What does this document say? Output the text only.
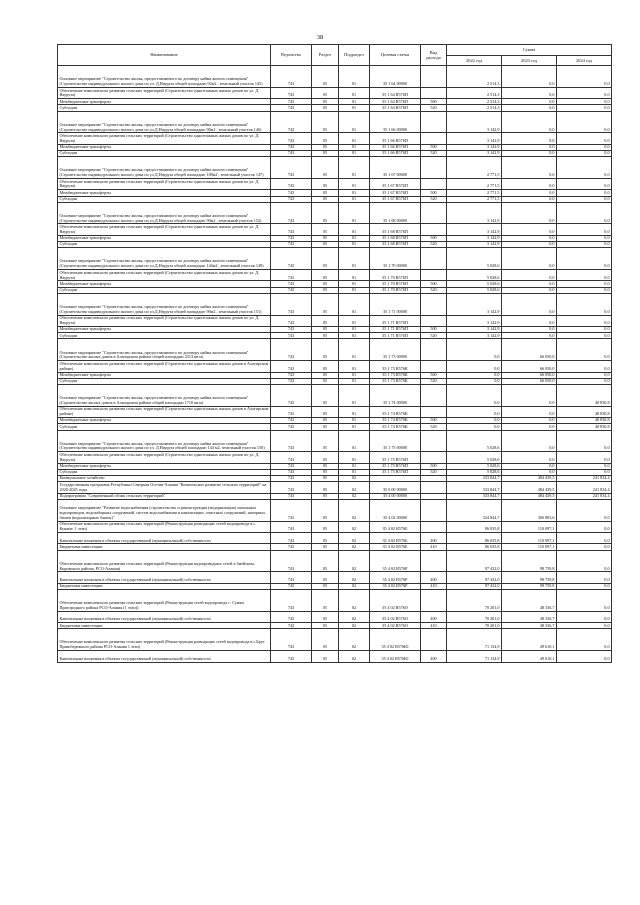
38
Наименование	Ведомство	Раздел	Подраздел	Целевая статья	Вид расхода	Сумма		
						2022 год	2023 год	2024 год
Основное мероприятие "Строительство жилья, предоставляемого по договору найма жилого помещения" (Строительство индивидуального жилого дома по ул. Д.Науруза общей площадью 92м2 , земельный участок 145)	743	05	01	35 1 64 00000		2 514,3	0,0	0,0
Обеспечение комплексного развития сельских территорий (Строительство одноэтажных жилых домов по ул. Д. Науруза)	743	05	01	35 1 64 R576П		2 514,3	0,0	0,0
Межбюджетные трансферты	743	05	01	35 1 64 R576П	500	2 514,3	0,0	0,0
Субсидии	743	05	01	35 1 64 R576П	520	2 514,3	0,0	0,0
Основное мероприятие "Строительство жилья, предоставляемого по договору найма жилого помещения" (Строительство индивидуального жилого дома по ул.Д.Науруза общей площадью 90м2 , земельный участок 146)	743	05	01	35 1 66 00000		3 142,9	0,0	0,0
Обеспечение комплексного развития сельских территорий (Строительство одноэтажных жилых домов по ул. Д. Науруза)	743	05	01	35 1 66 R576П		3 142,9	0,0	0,0
Межбюджетные трансферты	743	05	01	35 1 66 R576П	500	3 142,9	0,0	0,0
Субсидии	743	05	01	35 1 66 R576П	520	3 142,9	0,0	0,0
Основное мероприятие "Строительство жилья, предоставляемого по договору найма жилого помещения" (Строительство индивидуального жилого дома по ул.Д.Науруза общей площадью 108м2 , земельный участок 147)	743	05	01	35 1 67 00000		2 771,5	0,0	0,0
Обеспечение комплексного развития сельских территорий (Строительство одноэтажных жилых домов по ул. Д. Науруза)	743	05	01	35 1 67 R576П		2 771,5	0,0	0,0
Межбюджетные трансферты	743	05	01	35 1 67 R576П	500	2 771,5	0,0	0,0
Субсидии	743	05	01	35 1 67 R576П	520	2 771,5	0,0	0,0
Основное мероприятие "Строительство жилья, предоставляемого по договору найма жилого помещения" (Строительство индивидуального жилого дома по ул.Д.Науруза общей площадью 90м2 , земельный участок 152)	743	05	01	35 1 68 00000		3 142,9	0,0	0,0
Обеспечение комплексного развития сельских территорий (Строительство одноэтажных жилых домов по ул. Д. Науруза)	743	05	01	35 1 68 R576П		3 142,9	0,0	0,0
Межбюджетные трансферты	743	05	01	35 1 68 R576П	500	3 142,9	0,0	0,0
Субсидии	743	05	01	35 1 68 R576П	520	3 142,9	0,0	0,0
Основное мероприятие "Строительство жилья, предоставляемого по договору найма жилого помещения" (Строительство индивидуального жилого дома по ул.Д.Науруза общей площадью 144м2 , земельный участок 149)	743	05	01	35 1 70 00000		5 028,6	0,0	0,0
Обеспечение комплексного развития сельских территорий (Строительство одноэтажных жилых домов по ул. Д. Науруза)	743	05	01	35 1 70 R576П		5 028,6	0,0	0,0
Межбюджетные трансферты	743	05	01	35 1 70 R576П	500	5 028,6	0,0	0,0
Субсидии	743	05	01	35 1 70 R576П	520	5 028,6	0,0	0,0
Основное мероприятие "Строительство жилья, предоставляемого по договору найма жилого помещения" (Строительство индивидуального жилого дома по ул.Д.Науруза общей площадью 90м2 , земельный участок 151)	743	05	01	35 1 71 00000		3 142,9	0,0	0,0
Обеспечение комплексного развития сельских территорий (Строительство одноэтажных жилых домов по ул. Д. Науруза)	743	05	01	35 1 71 R576П		3 142,9	0,0	0,0
Межбюджетные трансферты	743	05	01	35 1 71 R576П	500	3 142,9	0,0	0,0
Субсидии	743	05	01	35 1 71 R576П	520	3 142,9	0,0	0,0
Основное мероприятие "Строительство жилья, предоставляемого по договору найма жилого помещения" (Строительство жилых домов в Алагирском районе общей площадью 2313 кв.м)	743	05	01	35 1 73 00000		0,0	66 050,0	0,0
Обеспечение комплексного развития сельских территорий (Строительство одноэтажных жилых домов в Алагирском районе)	743	05	01	35 1 73 R576К		0,0	66 050,0	0,0
Межбюджетные трансферты	743	05	01	35 1 73 R576К	500	0,0	66 050,0	0,0
Субсидии	743	05	01	35 1 73 R576К	520	0,0	66 050,0	0,0
Основное мероприятие "Строительство жилья, предоставляемого по договору найма жилого помещения" (Строительство жилых домов в Алагирском районе общей площадью 1710 кв.м)	743	05	01	35 1 74 00000		0,0	0,0	48 830,8
Обеспечение комплексного развития сельских территорий (Строительство одноэтажных жилых домов в Алагирском районе)	743	05	01	35 1 74 R576К		0,0	0,0	48 830,8
Межбюджетные трансферты	743	05	01	35 1 74 R576К	500	0,0	0,0	48 830,8
Субсидии	743	05	01	35 1 74 R576К	520	0,0	0,0	48 830,8
Основное мероприятие "Строительство жилья, предоставляемого по договору найма жилого помещения" (Строительство индивидуального жилого дома по ул. Д.Науруза общей площадью 144 м2, земельный участок 150)	743	05	01	35 1 75 00000		5 028,6	0,0	0,0
Обеспечение комплексного развития сельских территорий (Строительство одноэтажных жилых домов по ул. Д. Науруза)	743	05	01	35 1 75 R576П		5 028,6	0,0	0,0
Межбюджетные трансферты	743	05	01	35 1 75 R576П	500	5 028,6	0,0	0,0
Субсидии	743	05	01	35 1 75 R576П	520	5 028,6	0,0	0,0
Коммунальное хозяйство	743	05	02			333 844,7	484 439,5	241 834,4
Государственная программа Республики Северная Осетия-Алания "Комплексное развитие сельских территорий" на 2020-2025 годы	743	05	02	35 0 00 00000		333 844,7	484 439,5	241 834,4
Подпрограмма "Современный облик сельских территорий"	743	05	02	35 4 00 00000		333 844,7	484 439,5	241 834,4
Основное мероприятие "Развитие водоснабжения (строительство и реконструкция (модернизация) локальных водопроводов, водозаборных сооружений, систем водоснабжения и канализации, очистных сооружений, напорных башен (водонапорных башен)"	743	05	02	35 4 02 00000		324 844,7	306 803,6	0,0
Обеспечение комплексного развития сельских территорий (Реконструкция разводящих сетей водопровода в с. Кунаме, 1 этап)	743	05	02	35 4 02 R576Б		86 035,8	110 097,1	0,0
Капитальные вложения в объекты государственной (муниципальной) собственности	743	05	02	35 4 02 R576Б	400	86 035,8	110 097,1	0,0
Бюджетные инвестиции	743	05	02	35 4 02 R576Б	410	86 035,8	110 097,1	0,0
Обеспечение комплексного развития сельских территорий (Реконструкция водопроводных сетей в Змейском, Кировского района, РСО-Алания)	743	05	02	35 4 02 R576Р		97 432,0	98 759,8	0,0
Капитальные вложения в объекты государственной (муниципальной) собственности	743	05	02	35 4 02 R576Р	400	97 432,0	98 759,8	0,0
Бюджетные инвестиции	743	05	02	35 4 02 R576Р	410	97 432,0	98 759,8	0,0
Обеспечение комплексного развития сельских территорий (Реконструкция сетей водопровода с. Сунжа Пригородного района РСО-Алания (1 этап))	743	05	02	35 4 02 R576О		70 201,0	48 336,7	0,0
Капитальные вложения в объекты государственной (муниципальной) собственности	743	05	02	35 4 02 R576О	400	70 201,0	48 336,7	0,0
Бюджетные инвестиции	743	05	02	35 4 02 R576О	410	70 201,0	48 336,7	0,0
Обеспечение комплексного развития сельских территорий (Реконструкция разводящих сетей водопровода в с.Брут Правобережного района РСО-Алания 1 этап)	743	05	02	35 4 02 R576Ю		71 134,9	49 610,1	0,0
Капитальные вложения в объекты государственной (муниципальной) собственности	743	05	02	35 4 02 R576Ю	400	71 134,9	49 610,1	0,0
